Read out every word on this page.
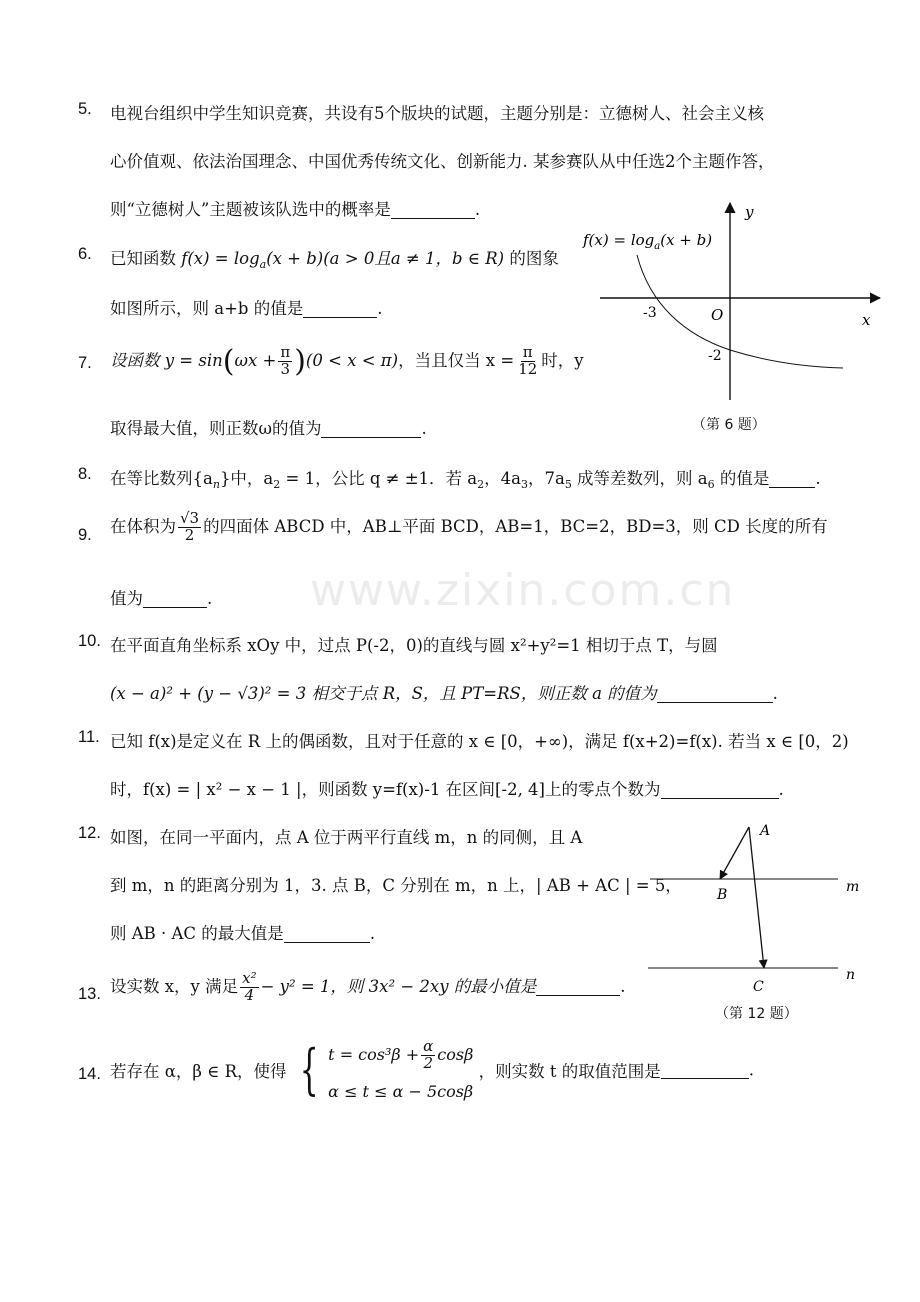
www.zixin.com.cn
5.	电视台组织中学生知识竞赛，共设有5个版块的试题，主题分别是：立德树人、社会主义核
心价值观、依法治国理念、中国优秀传统文化、创新能力. 某参赛队从中任选2个主题作答，
则“立德树人”主题被该队选中的概率是	.
6.	已知函数 $f(x) = \log_a(x + b)(a > 0$且a ≠ 1，b ∈ R) 的图象
如图所示，则 a+b 的值是	.
y
x
O
-3
-2
$f(x) = \log_a(x + b)$
（第 6 题）
7.	设函数 $y = \sin(\omega x + \frac{\pi}{3} )(0 < x < \pi)$，当且仅当 $x = \frac{\pi}{12}$ 时，y
取得最大值，则正数ω的值为	.
8.	在等比数列$\{a_n\}$中，$a_2 = 1$，公比 q ≠ ±1．若 $a_2$，$4a_3$，$7a_5$ 成等差数列，则 $a_6$ 的值是	.
9.	在体积为 $\frac{√3}{2}$ 的四面体 ABCD 中，AB⊥平面 BCD，AB=1，BC=2，BD=3，则 CD 长度的所有
值为	.
10. 在平面直角坐标系 xOy 中，过点 P(-2，0)的直线与圆 x²+y²=1 相切于点 T，与圆
(x − a)² + (y − √3)² = 3 相交于点 R，S，且 PT=RS，则正数 a 的值为	.
11. 已知 f(x)是定义在 R 上的偶函数，且对于任意的 x ∈ [0，+∞)，满足 f(x+2)=f(x). 若当 x ∈ [0，2)
时，f(x) = | x² − x − 1 |，则函数 y=f(x)-1 在区间[-2, 4]上的零点个数为	.
12. 如图，在同一平面内，点 A 位于两平行直线 m，n 的同侧，且 A
到 m，n 的距离分别为 1，3. 点 B，C 分别在 m，n 上，| AB + AC | = 5，
则 AB · AC 的最大值是	.
A
B
C
m
n
（第 12 题）
13. 设实数 x，y 满足 $\frac{\text{x²}}{4} - y^2 = 1$，则 3x² − 2xy 的最小值是	.
14. 若存在 α，β ∈ R，使得 { $t = \cos^3\beta + \frac{\alpha}{2}$ cosβ
α ≤ t ≤ α − 5cosβ
，则实数 t 的取值范围是	.
